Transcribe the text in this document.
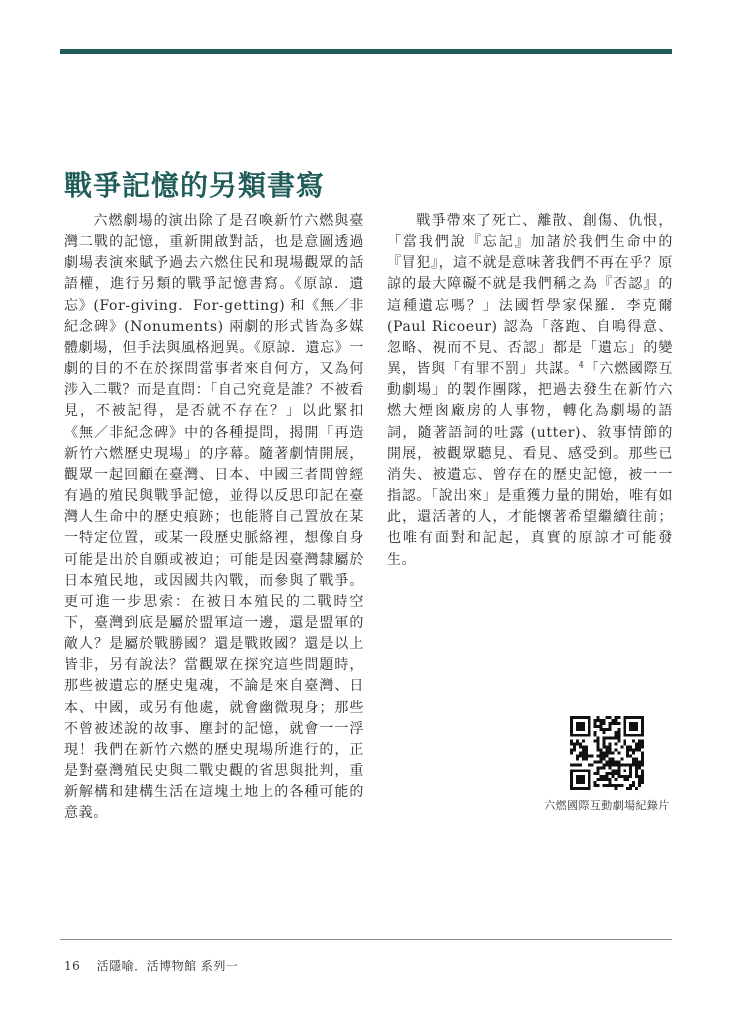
戰爭記憶的另類書寫

六燃劇場的演出除了是召喚新竹六燃與臺灣二戰的記憶，重新開啟對話，也是意圖透過劇場表演來賦予過去六燃住民和現場觀眾的話語權，進行另類的戰爭記憶書寫。《原諒．遺忘》(For-giving．For-getting) 和《無／非紀念碑》(Nonuments) 兩劇的形式皆為多媒體劇場，但手法與風格迥異。《原諒．遺忘》一劇的目的不在於探問當事者來自何方，又為何涉入二戰？而是直問：「自己究竟是誰？不被看見，不被記得，是否就不存在？」以此緊扣《無／非紀念碑》中的各種提問，揭開「再造新竹六燃歷史現場」的序幕。隨著劇情開展，觀眾一起回顧在臺灣、日本、中國三者間曾經有過的殖民與戰爭記憶，並得以反思印記在臺灣人生命中的歷史痕跡；也能將自己置放在某一特定位置，或某一段歷史脈絡裡，想像自身可能是出於自願或被迫；可能是因臺灣隸屬於日本殖民地，或因國共內戰，而參與了戰爭。更可進一步思索：在被日本殖民的二戰時空下，臺灣到底是屬於盟軍這一邊，還是盟軍的敵人？是屬於戰勝國？還是戰敗國？還是以上皆非，另有說法？當觀眾在探究這些問題時，那些被遺忘的歷史鬼魂，不論是來自臺灣、日本、中國，或另有他處，就會幽微現身；那些不曾被述說的故事、塵封的記憶，就會一一浮現！我們在新竹六燃的歷史現場所進行的，正是對臺灣殖民史與二戰史觀的省思與批判，重新解構和建構生活在這塊土地上的各種可能的意義。

戰爭帶來了死亡、離散、創傷、仇恨，「當我們說『忘記』加諸於我們生命中的『冒犯』，這不就是意味著我們不再在乎？原諒的最大障礙不就是我們稱之為『否認』的這種遺忘嗎？」法國哲學家保羅．李克爾 (Paul Ricoeur) 認為「落跑、自鳴得意、忽略、視而不見、否認」都是「遺忘」的變異，皆與「有罪不罰」共謀。$^4$「六燃國際互動劇場」的製作團隊，把過去發生在新竹六燃大煙囪廠房的人事物，轉化為劇場的語詞，隨著語詞的吐露 (utter)、敘事情節的開展，被觀眾聽見、看見、感受到。那些已消失、被遺忘、曾存在的歷史記憶，被一一指認。「說出來」是重獲力量的開始，唯有如此，還活著的人，才能懷著希望繼續往前；也唯有面對和記起，真實的原諒才可能發生。

六燃國際互動劇場紀錄片
16 活隱喻．活博物館 系列一
